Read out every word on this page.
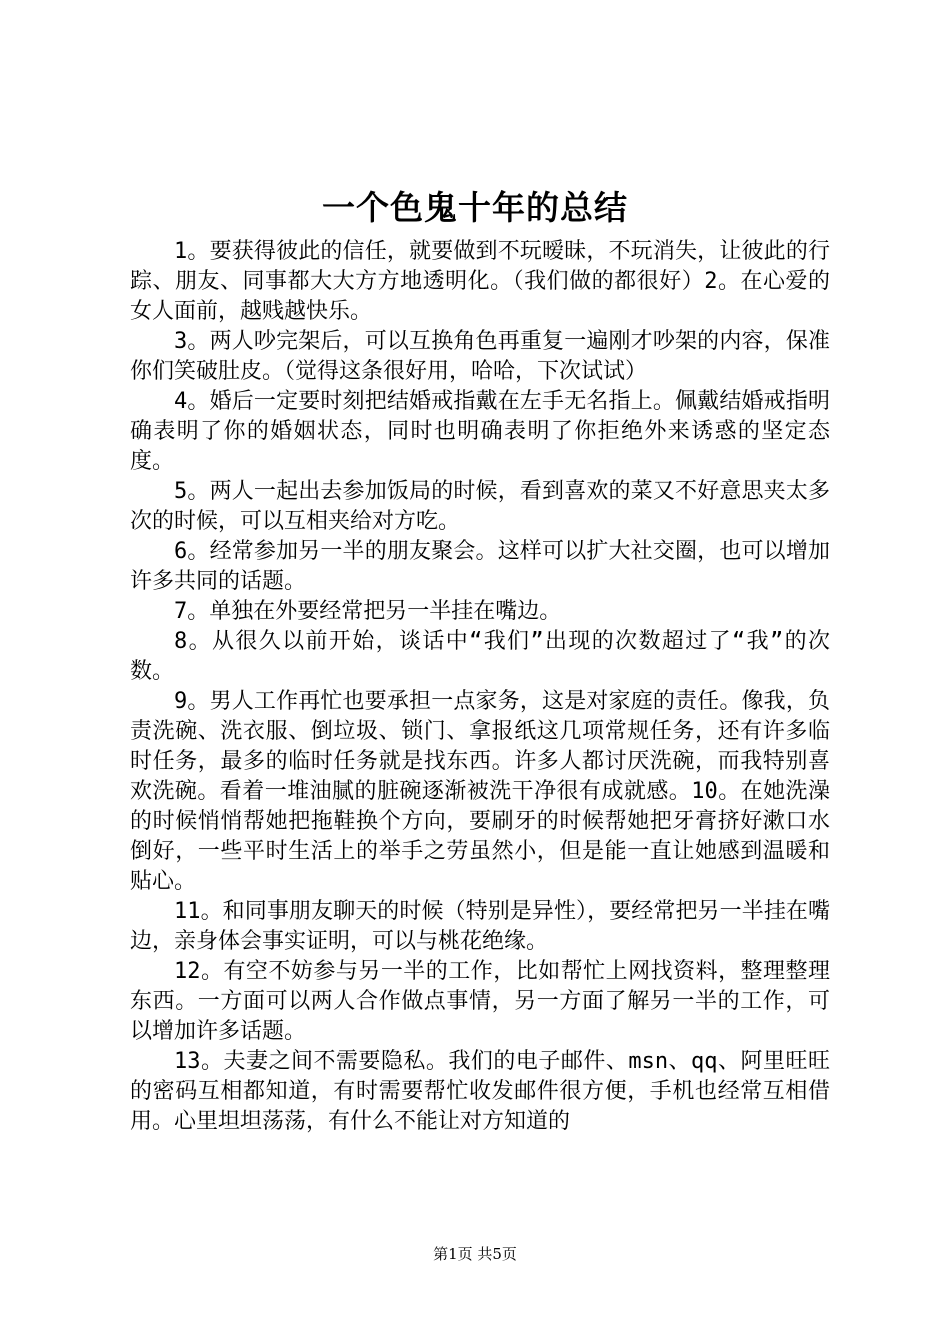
一个色鬼十年的总结

1。要获得彼此的信任，就要做到不玩暧昧，不玩消失，让彼此的行踪、朋友、同事都大大方方地透明化。（我们做的都很好）2。在心爱的女人面前，越贱越快乐。

3。两人吵完架后，可以互换角色再重复一遍刚才吵架的内容，保准你们笑破肚皮。（觉得这条很好用，哈哈，下次试试）

4。婚后一定要时刻把结婚戒指戴在左手无名指上。佩戴结婚戒指明确表明了你的婚姻状态，同时也明确表明了你拒绝外来诱惑的坚定态度。

5。两人一起出去参加饭局的时候，看到喜欢的菜又不好意思夹太多次的时候，可以互相夹给对方吃。

6。经常参加另一半的朋友聚会。这样可以扩大社交圈，也可以增加许多共同的话题。

7。单独在外要经常把另一半挂在嘴边。

8。从很久以前开始，谈话中“我们”出现的次数超过了“我”的次数。

9。男人工作再忙也要承担一点家务，这是对家庭的责任。像我，负责洗碗、洗衣服、倒垃圾、锁门、拿报纸这几项常规任务，还有许多临时任务，最多的临时任务就是找东西。许多人都讨厌洗碗，而我特别喜欢洗碗。看着一堆油腻的脏碗逐渐被洗干净很有成就感。10。在她洗澡的时候悄悄帮她把拖鞋换个方向，要刷牙的时候帮她把牙膏挤好漱口水倒好，一些平时生活上的举手之劳虽然小，但是能一直让她感到温暖和贴心。

11。和同事朋友聊天的时候（特别是异性），要经常把另一半挂在嘴边，亲身体会事实证明，可以与桃花绝缘。

12。有空不妨参与另一半的工作，比如帮忙上网找资料，整理整理东西。一方面可以两人合作做点事情，另一方面了解另一半的工作，可以增加许多话题。

13。夫妻之间不需要隐私。我们的电子邮件、msn、qq、阿里旺旺的密码互相都知道，有时需要帮忙收发邮件很方便，手机也经常互相借用。心里坦坦荡荡，有什么不能让对方知道的

第1页 共5页
